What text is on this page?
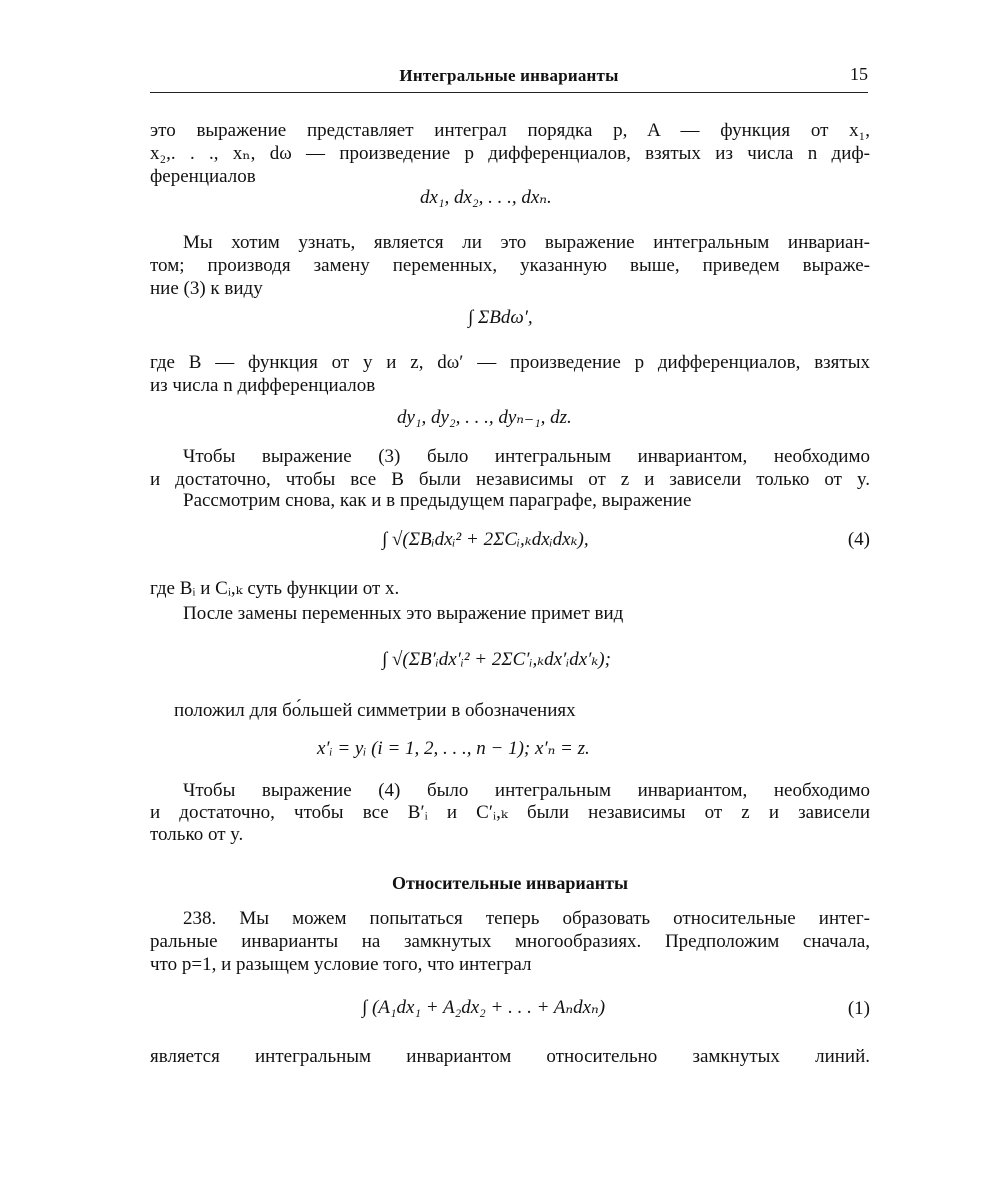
Интегральные инварианты	15
это выражение представляет интеграл порядка p, A — функция от x₁,
x₂,. . ., xₙ, dω — произведение p дифференциалов, взятых из числа n диф-
ференциалов
dx₁, dx₂, . . ., dxₙ.
Мы хотим узнать, является ли это выражение интегральным инвариан-
том; производя замену переменных, указанную выше, приведем выраже-
ние (3) к виду
∫ ΣBdω′,
где B — функция от y и z, dω′ — произведение p дифференциалов, взятых
из числа n дифференциалов
dy₁, dy₂, . . ., dyₙ₋₁, dz.
Чтобы выражение (3) было интегральным инвариантом, необходимо
и достаточно, чтобы все B были независимы от z и зависели только от y.
Рассмотрим снова, как и в предыдущем параграфе, выражение
∫ √(ΣBᵢdxᵢ² + 2ΣCᵢ,ₖdxᵢdxₖ),	(4)
где Bᵢ и Cᵢ,ₖ суть функции от x.
После замены переменных это выражение примет вид
∫ √(ΣB′ᵢdx′ᵢ² + 2ΣC′ᵢ,ₖdx′ᵢdx′ₖ);
положил для бо́льшей симметрии в обозначениях
x′ᵢ = yᵢ (i = 1, 2, . . ., n − 1); x′ₙ = z.
Чтобы выражение (4) было интегральным инвариантом, необходимо
и достаточно, чтобы все B′ᵢ и C′ᵢ,ₖ были независимы от z и зависели
только от y.
Относительные инварианты
238. Мы можем попытаться теперь образовать относительные интег-
ральные инварианты на замкнутых многообразиях. Предположим сначала,
что p=1, и разыщем условие того, что интеграл
∫ (A₁dx₁ + A₂dx₂ + . . . + Aₙdxₙ)	(1)
является интегральным инвариантом относительно замкнутых линий.
